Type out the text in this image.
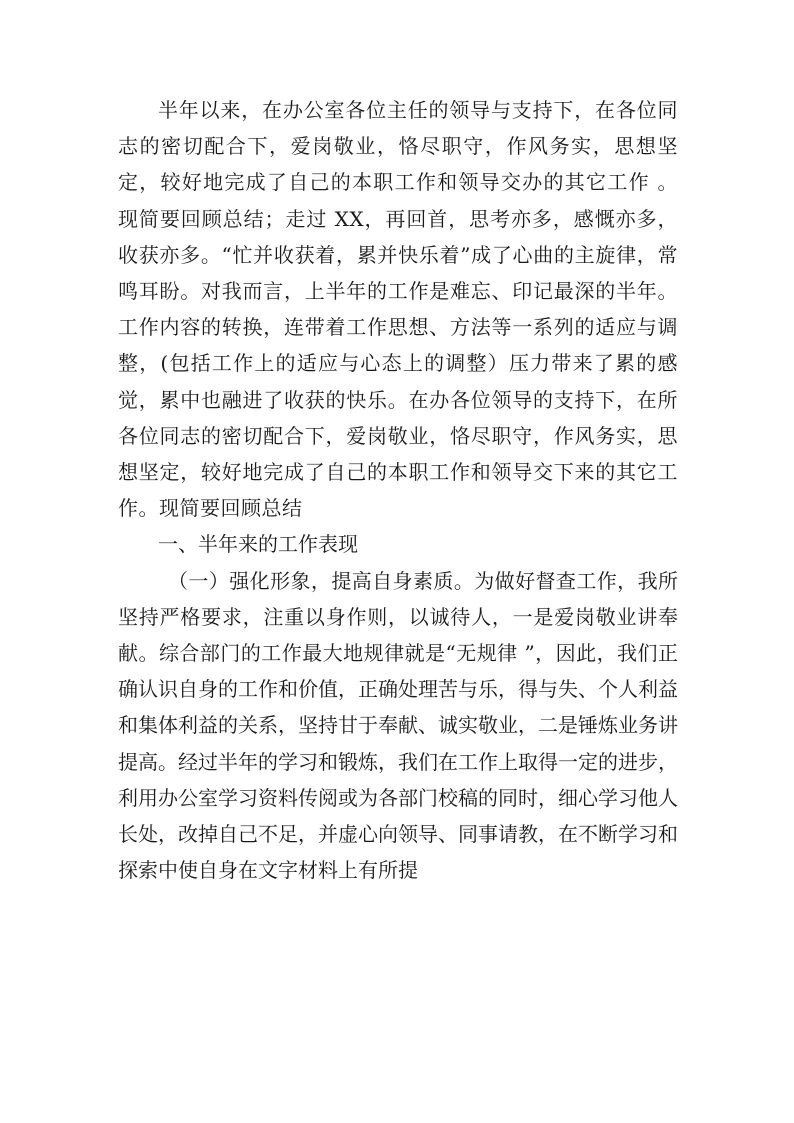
半年以来，在办公室各位主任的领导与支持下，在各位同志的密切配合下，爱岗敬业，恪尽职守，作风务实，思想坚定，较好地完成了自己的本职工作和领导交办的其它工作 。现简要回顾总结；走过 XX，再回首，思考亦多，感慨亦多，收获亦多。“忙并收获着，累并快乐着”成了心曲的主旋律，常鸣耳盼。对我而言，上半年的工作是难忘、印记最深的半年。工作内容的转换，连带着工作思想、方法等一系列的适应与调整，(包括工作上的适应与心态上的调整）压力带来了累的感觉，累中也融进了收获的快乐。在办各位领导的支持下，在所各位同志的密切配合下，爱岗敬业，恪尽职守，作风务实，思想坚定，较好地完成了自己的本职工作和领导交下来的其它工作。现简要回顾总结

一、半年来的工作表现

（一）强化形象，提高自身素质。为做好督查工作，我所坚持严格要求，注重以身作则，以诚待人，一是爱岗敬业讲奉献。综合部门的工作最大地规律就是“无规律 ”，因此，我们正确认识自身的工作和价值，正确处理苦与乐，得与失、个人利益和集体利益的关系，坚持甘于奉献、诚实敬业，二是锤炼业务讲提高。经过半年的学习和锻炼，我们在工作上取得一定的进步，利用办公室学习资料传阅或为各部门校稿的同时，细心学习他人长处，改掉自己不足，并虚心向领导、同事请教，在不断学习和探索中使自身在文字材料上有所提
